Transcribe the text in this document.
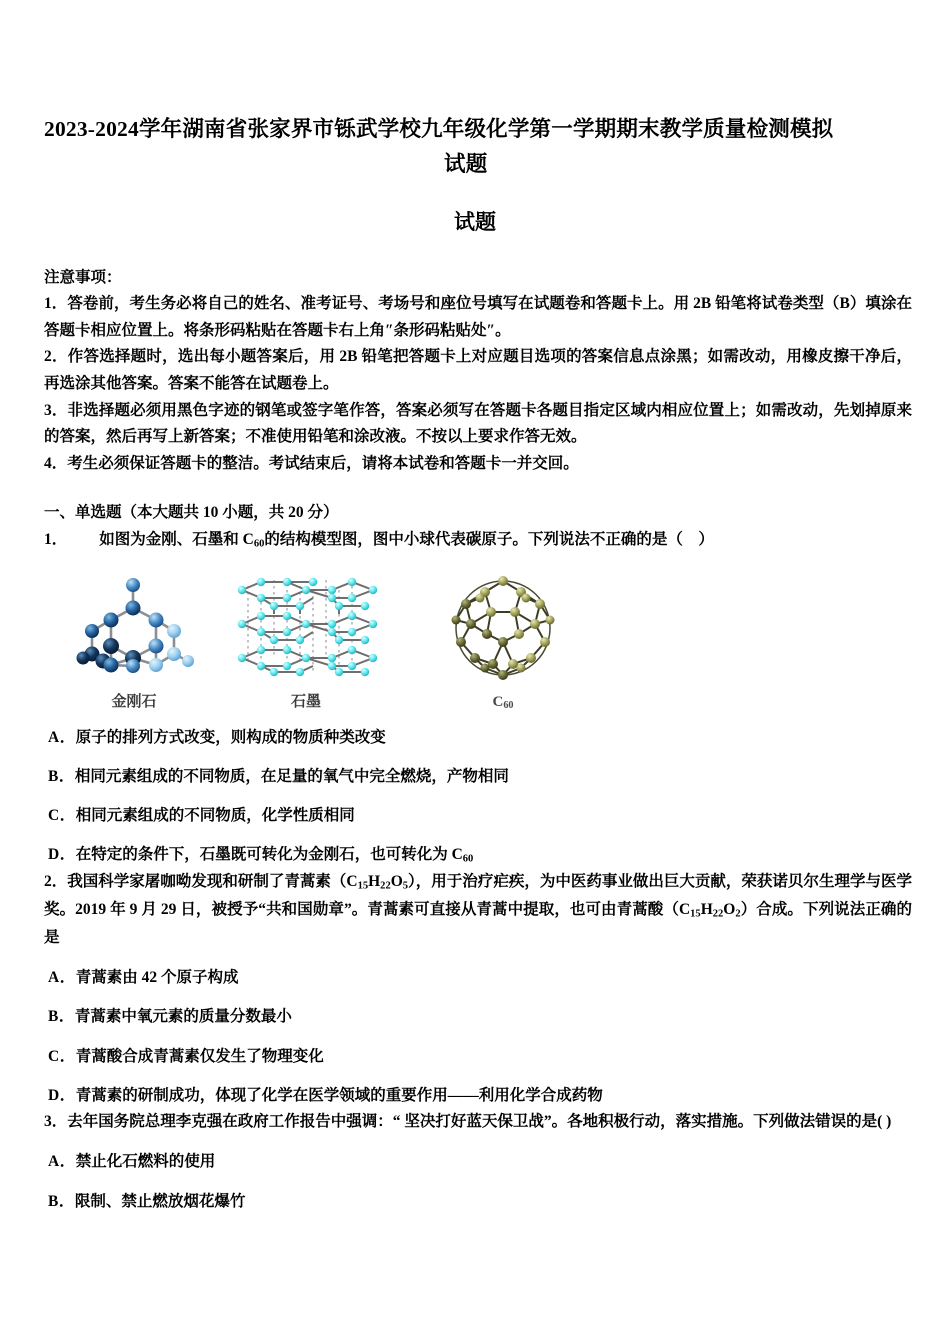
2023-2024学年湖南省张家界市铄武学校九年级化学第一学期期末教学质量检测模拟
试题
试题

注意事项：

1．答卷前，考生务必将自己的姓名、准考证号、考场号和座位号填写在试题卷和答题卡上。用 2B 铅笔将试卷类型（B）填涂在答题卡相应位置上。将条形码粘贴在答题卡右上角″条形码粘贴处″。

2．作答选择题时，选出每小题答案后，用 2B 铅笔把答题卡上对应题目选项的答案信息点涂黑；如需改动，用橡皮擦干净后，再选涂其他答案。答案不能答在试题卷上。

3．非选择题必须用黑色字迹的钢笔或签字笔作答，答案必须写在答题卡各题目指定区域内相应位置上；如需改动，先划掉原来的答案，然后再写上新答案；不准使用铅笔和涂改液。不按以上要求作答无效。

4．考生必须保证答题卡的整洁。考试结束后，请将本试卷和答题卡一并交回。

一、单选题（本大题共 10 小题，共 20 分）

1． 如图为金刚、石墨和 $C_{60}$的结构模型图，图中小球代表碳原子。下列说法不正确的是（ ）

金刚石	石墨	$C_{60}$

A．原子的排列方式改变，则构成的物质种类改变

B．相同元素组成的不同物质，在足量的氧气中完全燃烧，产物相同

C．相同元素组成的不同物质，化学性质相同

D．在特定的条件下，石墨既可转化为金刚石，也可转化为 $C_{60}$

2．我国科学家屠咖呦发现和研制了青蒿素$(C_{15}H_{22}O_5)$，用于治疗疟疾，为中医药事业做出巨大贡献，荣获诺贝尔生理学与医学奖。2019 年 9 月 29 日，被授予“共和国勋章”。青蒿素可直接从青蒿中提取，也可由青蒿酸$(C_{15}H_{22}O_2)$合成。下列说法正确的是

A．青蒿素由 42 个原子构成

B．青蒿素中氧元素的质量分数最小

C．青蒿酸合成青蒿素仅发生了物理变化

D．青蒿素的研制成功，体现了化学在医学领域的重要作用——利用化学合成药物

3．去年国务院总理李克强在政府工作报告中强调：“ 坚决打好蓝天保卫战”。各地积极行动，落实措施。下列做法错误的是( )

A．禁止化石燃料的使用

B．限制、禁止燃放烟花爆竹
